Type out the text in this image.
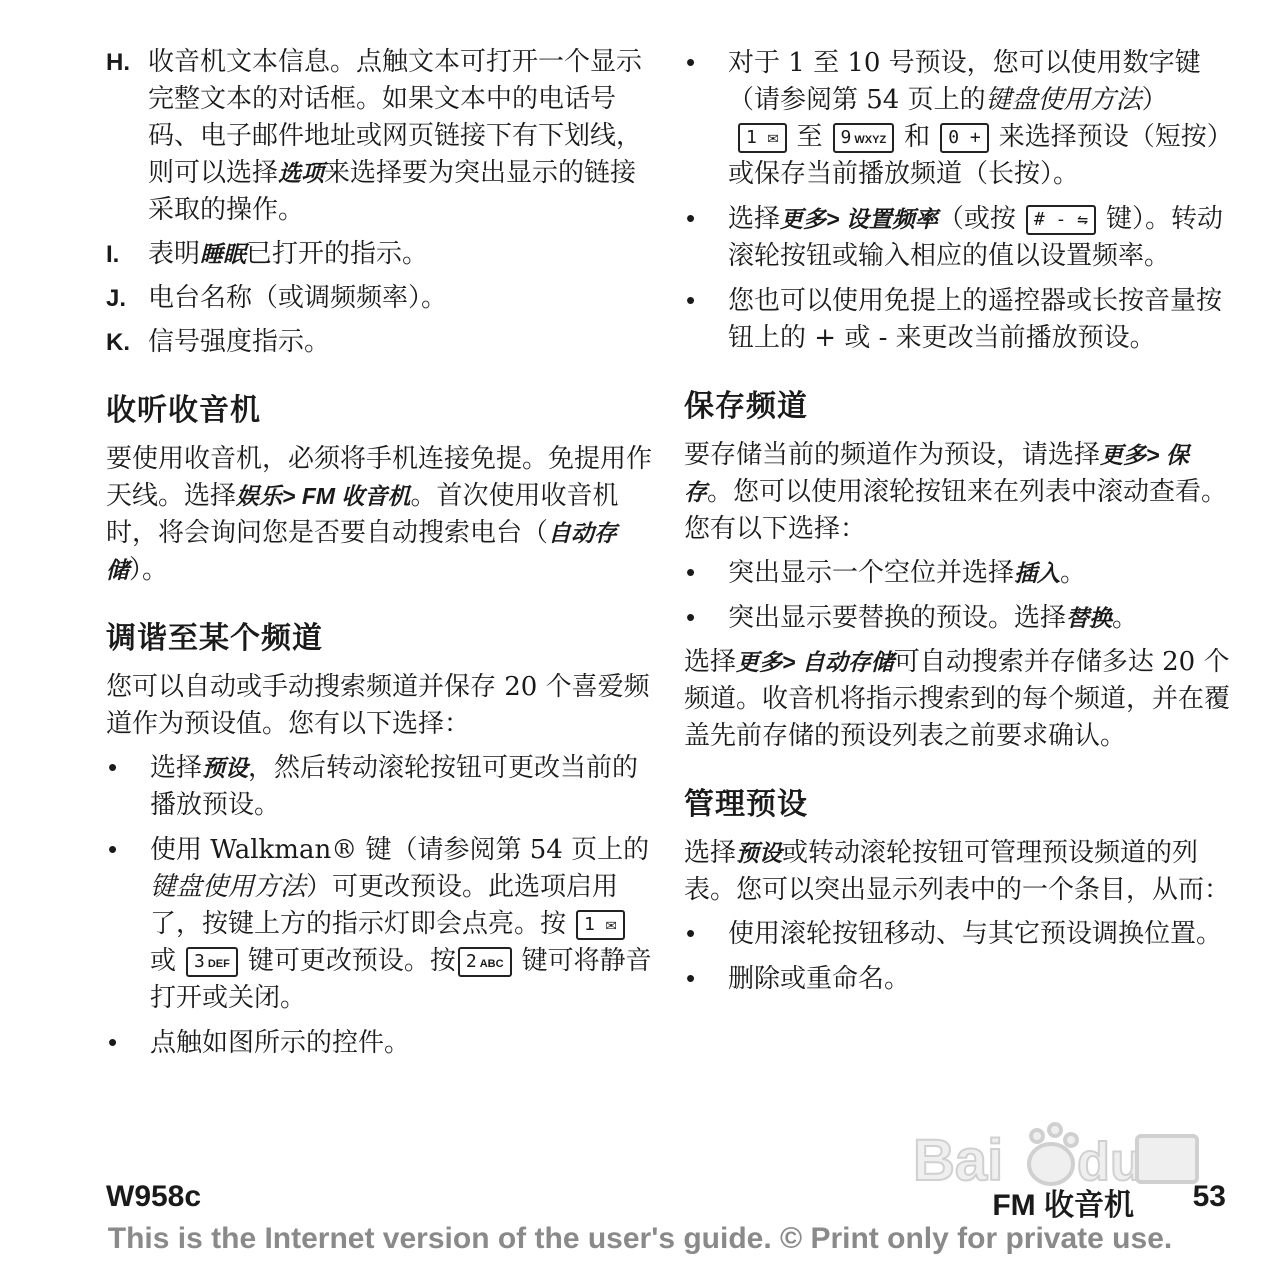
H. 收音机文本信息。点触文本可打开一个显示完整文本的对话框。如果文本中的电话号码、电子邮件地址或网页链接下有下划线，则可以选择选项来选择要为突出显示的链接采取的操作。
I.	表明睡眠已打开的指示。
J. 电台名称（或调频频率）。
K. 信号强度指示。
收听收音机

要使用收音机，必须将手机连接免提。免提用作天线。选择娱乐> FM 收音机。首次使用收音机时，将会询问您是否要自动搜索电台（自动存储）。

调谐至某个频道

您可以自动或手动搜索频道并保存 20 个喜爱频道作为预设值。您有以下选择：

•	选择预设，然后转动滚轮按钮可更改当前的播放预设。
•	使用 Walkman® 键（请参阅第 54 页上的键盘使用方法）可更改预设。此选项启用了，按键上方的指示灯即会点亮。按 1 ✉或 3 DEF 键可更改预设。按 2 ABC 键可将静音打开或关闭。
•	点触如图所示的控件。
•	对于 1 至 10 号预设，您可以使用数字键（请参阅第 54 页上的键盘使用方法）1 ✉ 至 9 WXYZ 和 0 + 来选择预设（短按）或保存当前播放频道（长按）。
•	选择更多> 设置频率（或按 # - ⇋ 键）。转动滚轮按钮或输入相应的值以设置频率。
•	您也可以使用免提上的遥控器或长按音量按钮上的 + 或 - 来更改当前播放预设。
保存频道

要存储当前的频道作为预设，请选择更多> 保存。您可以使用滚轮按钮来在列表中滚动查看。您有以下选择：

•	突出显示一个空位并选择插入。
•	突出显示要替换的预设。选择替换。

选择更多> 自动存储可自动搜索并存储多达 20 个频道。收音机将指示搜索到的每个频道，并在覆盖先前存储的预设列表之前要求确认。

管理预设

选择预设或转动滚轮按钮可管理预设频道的列表。您可以突出显示列表中的一个条目，从而：

•	使用滚轮按钮移动、与其它预设调换位置。
•	删除或重命名。
Bai du
W958c	FM 收音机 53
This is the Internet version of the user's guide. © Print only for private use.
